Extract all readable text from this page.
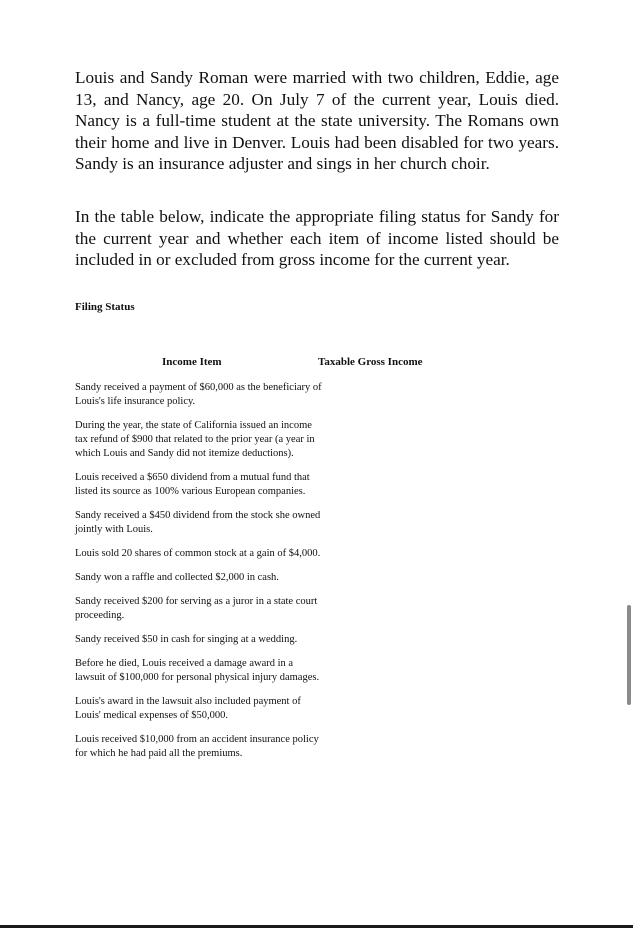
Louis and Sandy Roman were married with two children, Eddie, age 13, and Nancy, age 20. On July 7 of the current year, Louis died. Nancy is a full-time student at the state university. The Romans own their home and live in Denver. Louis had been disabled for two years. Sandy is an insurance adjuster and sings in her church choir.

In the table below, indicate the appropriate filing status for Sandy for the current year and whether each item of income listed should be included in or excluded from gross income for the current year.

Filing Status

Income Item	Taxable Gross Income

Sandy received a payment of $60,000 as the beneficiary of Louis's life insurance policy.
During the year, the state of California issued an income tax refund of $900 that related to the prior year (a year in which Louis and Sandy did not itemize deductions).
Louis received a $650 dividend from a mutual fund that listed its source as 100% various European companies.
Sandy received a $450 dividend from the stock she owned jointly with Louis.
Louis sold 20 shares of common stock at a gain of $4,000.
Sandy won a raffle and collected $2,000 in cash.
Sandy received $200 for serving as a juror in a state court proceeding.
Sandy received $50 in cash for singing at a wedding.
Before he died, Louis received a damage award in a lawsuit of $100,000 for personal physical injury damages.
Louis's award in the lawsuit also included payment of Louis' medical expenses of $50,000.
Louis received $10,000 from an accident insurance policy for which he had paid all the premiums.
